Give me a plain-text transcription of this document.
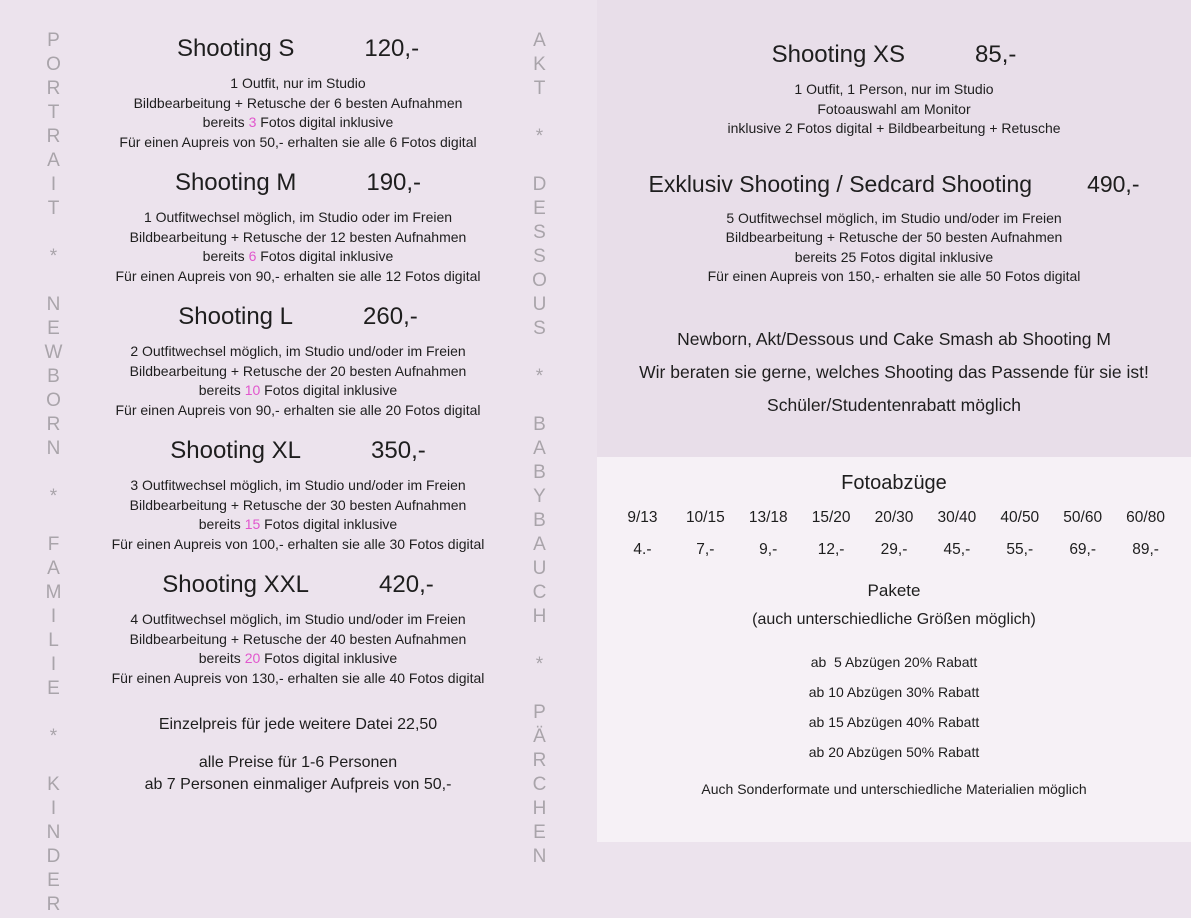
PORTRAIT * NEWBORN * FAMILIE * KINDER	AKT * DESSOUS * BABYBAUCH * PÄRCHEN
Shooting S	120,-

1 Outfit, nur im Studio

Bildbearbeitung + Retusche der 6 besten Aufnahmen

bereits 3 Fotos digital inklusive

Für einen Aupreis von 50,- erhalten sie alle 6 Fotos digital

Shooting M	190,-

1 Outfitwechsel möglich, im Studio oder im Freien

Bildbearbeitung + Retusche der 12 besten Aufnahmen

bereits 6 Fotos digital inklusive

Für einen Aupreis von 90,- erhalten sie alle 12 Fotos digital

Shooting L	260,-

2 Outfitwechsel möglich, im Studio und/oder im Freien

Bildbearbeitung + Retusche der 20 besten Aufnahmen

bereits 10 Fotos digital inklusive

Für einen Aupreis von 90,- erhalten sie alle 20 Fotos digital

Shooting XL	350,-

3 Outfitwechsel möglich, im Studio und/oder im Freien

Bildbearbeitung + Retusche der 30 besten Aufnahmen

bereits 15 Fotos digital inklusive

Für einen Aupreis von 100,- erhalten sie alle 30 Fotos digital

Shooting XXL	420,-

4 Outfitwechsel möglich, im Studio und/oder im Freien

Bildbearbeitung + Retusche der 40 besten Aufnahmen

bereits 20 Fotos digital inklusive

Für einen Aupreis von 130,- erhalten sie alle 40 Fotos digital

Einzelpreis für jede weitere Datei 22,50

alle Preise für 1-6 Personen

ab 7 Personen einmaliger Aufpreis von 50,-

Shooting XS	85,-

1 Outfit, 1 Person, nur im Studio

Fotoauswahl am Monitor

inklusive 2 Fotos digital + Bildbearbeitung + Retusche

Exklusiv Shooting / Sedcard Shooting 490,-

5 Outfitwechsel möglich, im Studio und/oder im Freien

Bildbearbeitung + Retusche der 50 besten Aufnahmen

bereits 25 Fotos digital inklusive

Für einen Aupreis von 150,- erhalten sie alle 50 Fotos digital

Newborn, Akt/Dessous und Cake Smash ab Shooting M

Wir beraten sie gerne, welches Shooting das Passende für sie ist!

Schüler/Studentenrabatt möglich

Fotoabzüge
9/13	10/15	13/18	15/20	20/30	30/40	40/50	50/60	60/80
4.-	7,-	9,-	12,-	29,-	45,-	55,-	69,-	89,-
Pakete
(auch unterschiedliche Größen möglich)

ab  5 Abzügen 20% Rabatt

ab 10 Abzügen 30% Rabatt

ab 15 Abzügen 40% Rabatt

ab 20 Abzügen 50% Rabatt

Auch Sonderformate und unterschiedliche Materialien möglich
